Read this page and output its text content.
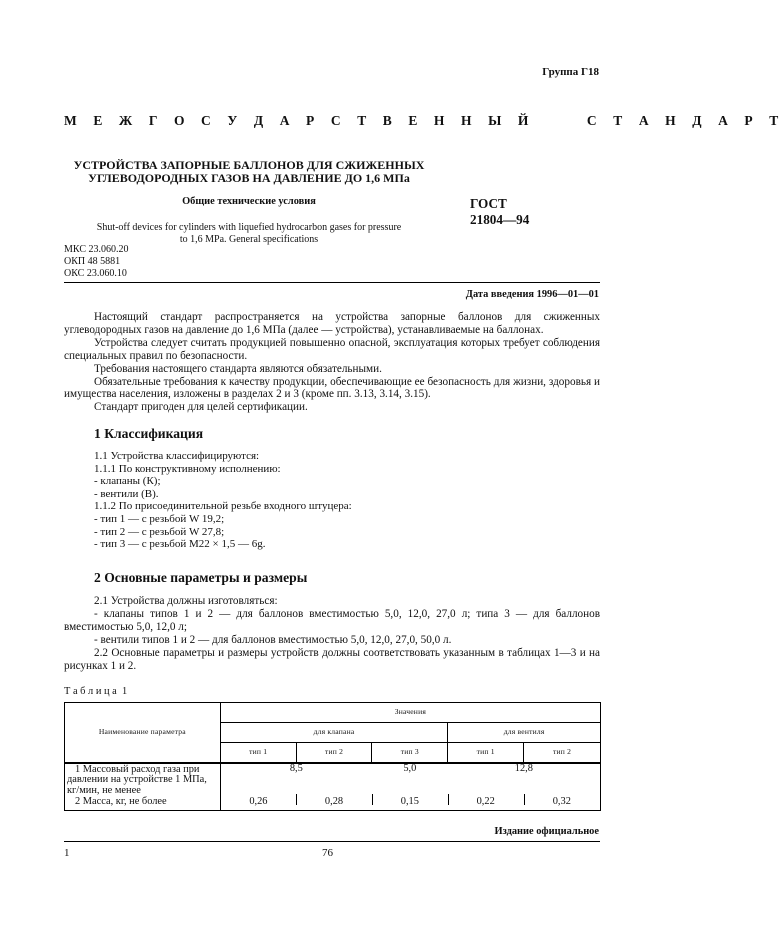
Группа Г18
М Е Ж Г О С У Д А Р С Т В Е Н Н Ы Й    С Т А Н Д А Р Т
УСТРОЙСТВА ЗАПОРНЫЕ БАЛЛОНОВ ДЛЯ СЖИЖЕННЫХ
УГЛЕВОДОРОДНЫХ ГАЗОВ НА ДАВЛЕНИЕ ДО 1,6 МПа
Общие технические условия
Shut-off devices for cylinders with liquefied hydrocarbon gases for pressure
to 1,6 MPa. General specifications
ГОСТ
21804—94
МКС 23.060.20
ОКП 48 5881
ОКС 23.060.10
Дата введения 1996—01—01

Настоящий стандарт распространяется на устройства запорные баллонов для сжиженных углеводородных газов на давление до 1,6 МПа (далее — устройства), устанавливаемые на баллонах.

Устройства следует считать продукцией повышенно опасной, эксплуатация которых требует соблюдения специальных правил по безопасности.

Требования настоящего стандарта являются обязательными.

Обязательные требования к качеству продукции, обеспечивающие ее безопасность для жизни, здоровья и имущества населения, изложены в разделах 2 и 3 (кроме пп. 3.13, 3.14, 3.15).

Стандарт пригоден для целей сертификации.

1 Классификация
1.1 Устройства классифицируются:
1.1.1 По конструктивному исполнению:
- клапаны (К);
- вентили (В).
1.1.2 По присоединительной резьбе входного штуцера:
- тип 1 — с резьбой W 19,2;
- тип 2 — с резьбой W 27,8;
- тип 3 — с резьбой М22 × 1,5 — 6g.
2 Основные параметры и размеры

2.1 Устройства должны изготовляться:

- клапаны типов 1 и 2 — для баллонов вместимостью 5,0, 12,0, 27,0 л; типа 3 — для баллонов вместимостью 5,0, 12,0 л;

- вентили типов 1 и 2 — для баллонов вместимостью 5,0, 12,0, 27,0, 50,0 л.

2.2 Основные параметры и размеры устройств должны соответствовать указанным в таблицах 1—3 и на рисунках 1 и 2.

Т а б л и ц а  1
Наименование параметра	Значения				
	для клапана			для вентиля	
	тип 1	тип 2	тип 3	тип 1	тип 2
1 Массовый расход газа при давлении на устройстве 1 МПа, кг/мин, не менее	8,5		5,0	12,8	
2 Масса, кг, не более	0,26	0,28	0,15	0,22	0,32
Издание официальное
1	76
